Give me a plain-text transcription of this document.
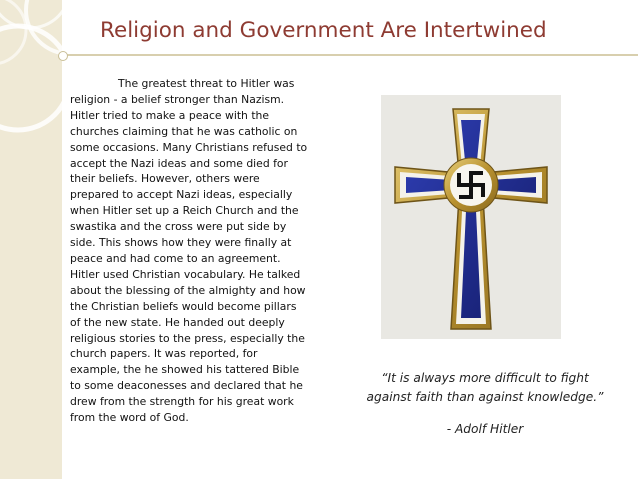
Religion and Government Are Intertwined
The greatest threat to Hitler was
religion - a belief stronger than Nazism.
Hitler tried to make a peace with the
churches claiming that he was catholic on
some occasions. Many Christians refused to
accept the Nazi ideas and some died for
their beliefs. However, others were
prepared to accept Nazi ideas, especially
when Hitler set up a Reich Church and the
swastika and the cross were put side by
side. This shows how they were finally at
peace and had come to an agreement.
Hitler used Christian vocabulary. He talked
about the blessing of the almighty and how
the Christian beliefs would become pillars
of the new state. He handed out deeply
religious stories to the press, especially the
church papers. It was reported, for
example, the he showed his tattered Bible
to some deaconesses and declared that he
drew from the strength for his great work
from the word of God.
“It is always more difficult to fight
against faith than against knowledge.”
- Adolf Hitler
